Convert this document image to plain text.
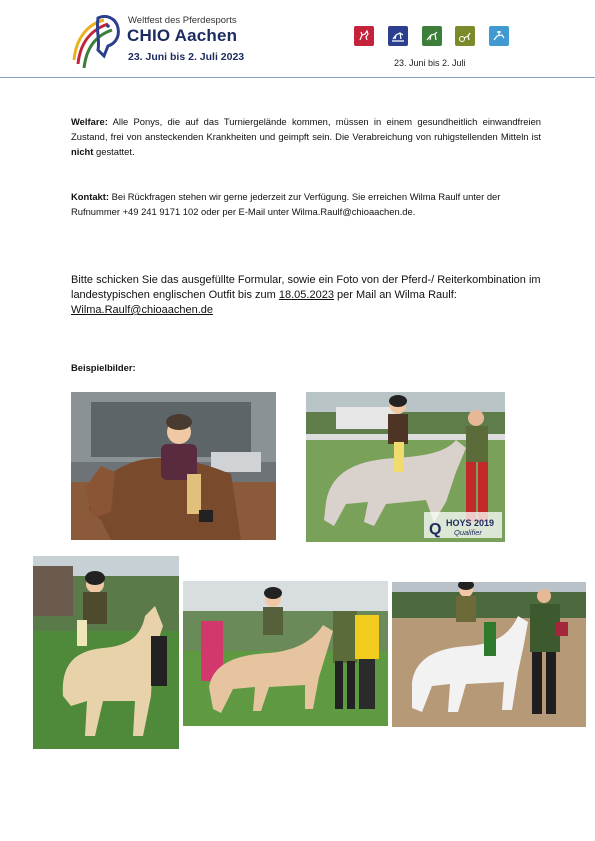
Weltfest des Pferdesports
CHIO Aachen
23. Juni bis 2. Juli 2023	23. Juni bis 2. Juli
Welfare: Alle Ponys, die auf das Turniergelände kommen, müssen in einem gesundheitlich einwandfreien Zustand, frei von ansteckenden Krankheiten und geimpft sein. Die Verabreichung von ruhigstellenden Mitteln ist nicht gestattet.
Kontakt: Bei Rückfragen stehen wir gerne jederzeit zur Verfügung. Sie erreichen Wilma Raulf unter der Rufnummer +49 241 9171 102 oder per E-Mail unter Wilma.Raulf@chioaachen.de.
Bitte schicken Sie das ausgefüllte Formular, sowie ein Foto von der Pferd-/ Reiterkombination im landestypischen englischen Outfit bis zum 18.05.2023 per Mail an Wilma Raulf: Wilma.Raulf@chioaachen.de
Beispielbilder:
Q HOYS 2019
Qualifier
